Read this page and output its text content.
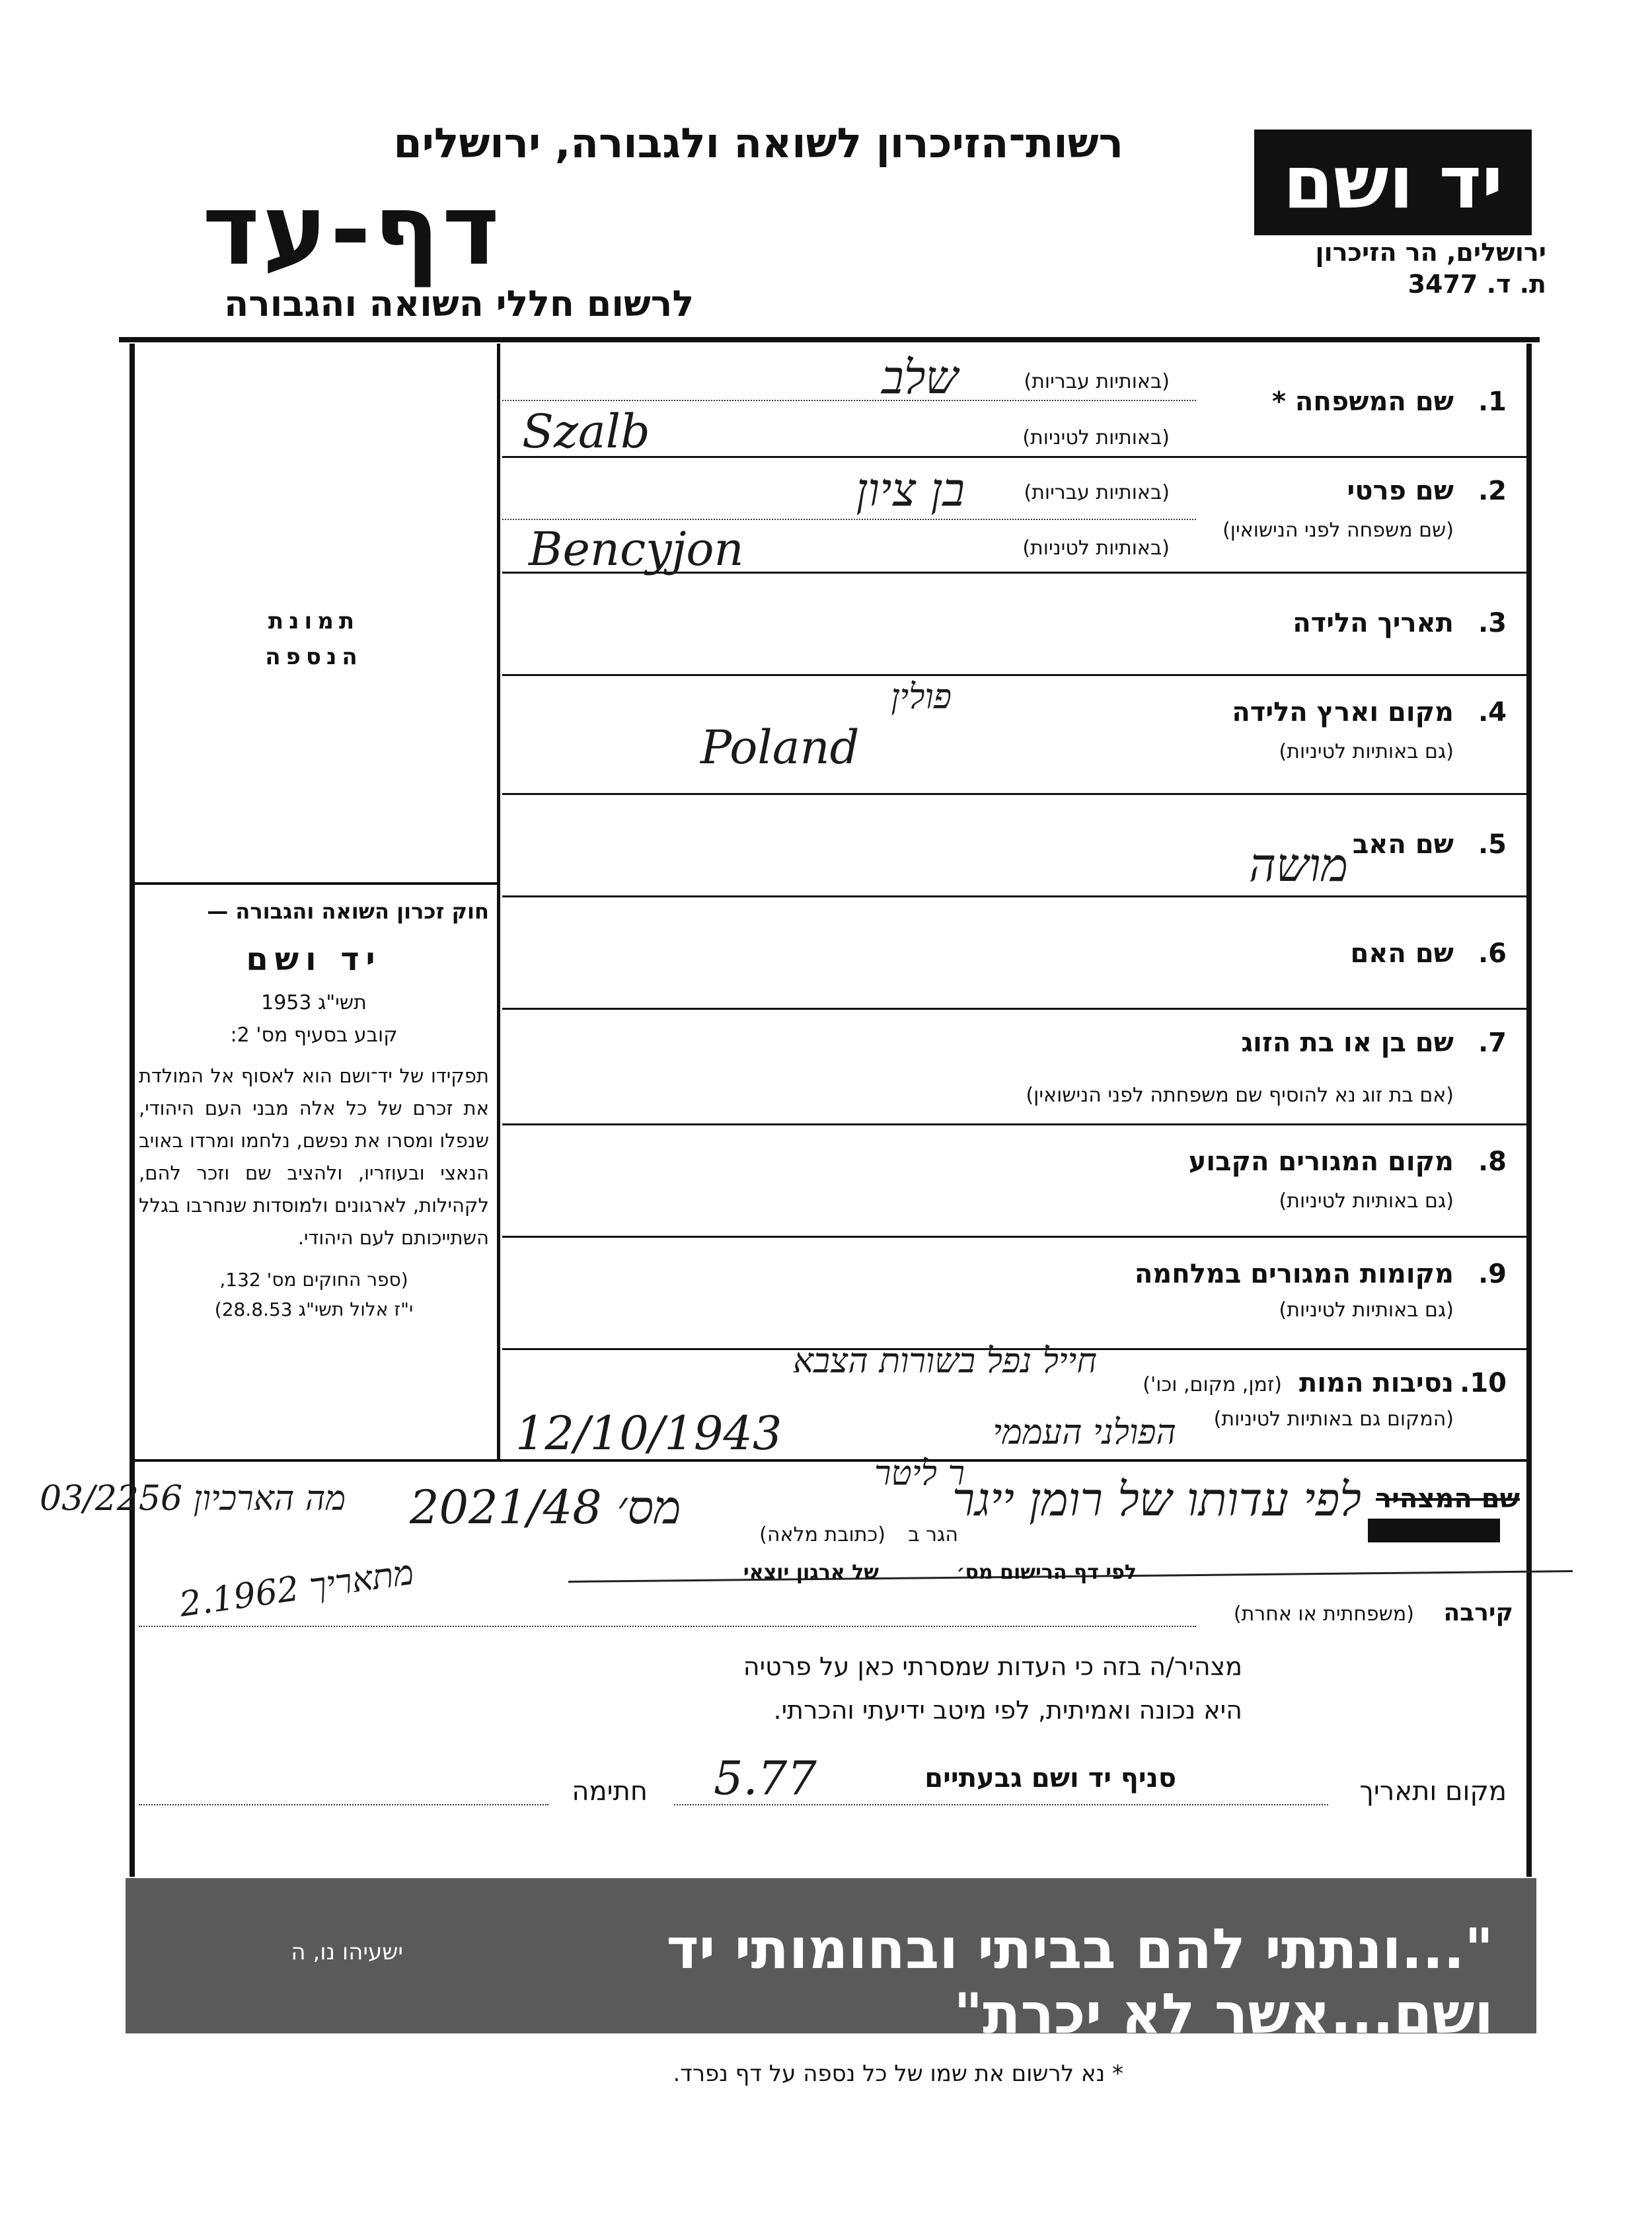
רשות־הזיכרון לשואה ולגבורה, ירושלים
דף-עד
לרשום חללי השואה והגבורה
יד ושם
ירושלים, הר הזיכרון
ת. ד. 3477
תמונת
הנספה
חוק זכרון השואה והגבורה —
יד ושם
תשי"ג 1953
קובע בסעיף מס' 2:
תפקידו של יד־ושם הוא לאסוף אל המולדת את זכרם של כל אלה מבני העם היהודי, שנפלו ומסרו את נפשם, נלחמו ומרדו באויב הנאצי ובעוזריו, ולהציב שם וזכר להם, לקהילות, לארגונים ולמוסדות שנחרבו בגלל השתייכותם לעם היהודי.
(ספר החוקים מס' 132,
י"ז אלול תשי"ג 28.8.53)
1.
שם המשפחה *
(באותיות עבריות)
(באותיות לטיניות)
שלב
Szalb
2.
שם פרטי
(שם משפחה לפני הנישואין)
(באותיות עבריות)
(באותיות לטיניות)
בן ציון
Bencyjon
3.
תאריך הלידה
4.
מקום וארץ הלידה
(גם באותיות לטיניות)
פולין
Poland
5.
שם האב
מושה
6.
שם האם
7.
שם בן או בת הזוג
(אם בת זוג נא להוסיף שם משפחתה לפני הנישואין)
8.
מקום המגורים הקבוע
(גם באותיות לטיניות)
9.
מקומות המגורים במלחמה
(גם באותיות לטיניות)
10.
נסיבות המות
(זמן, מקום, וכו')
(המקום גם באותיות לטיניות)
חייל נפל בשורות הצבא
12/10/1943	הפולני העממי
שם המצהיר
לפי עדותו של רומן ייגר
ר ליטר
הגר ב
(כתובת מלאה)
2021/48 מס׳
03/2256 מה הארכיון
לפי דף הרישום מס׳
של ארגון יוצאי
קירבה
(משפחתית או אחרת)
2.1962 מתאריך
מצהיר/ה בזה כי העדות שמסרתי כאן על פרטיה
היא נכונה ואמיתית, לפי מיטב ידיעתי והכרתי.
מקום ותאריך
סניף יד ושם גבעתיים
5.77
חתימה
"...ונתתי להם בביתי ובחומותי יד ושם...אשר לא יכרת"
ישעיהו נו, ה
* נא לרשום את שמו של כל נספה על דף נפרד.
